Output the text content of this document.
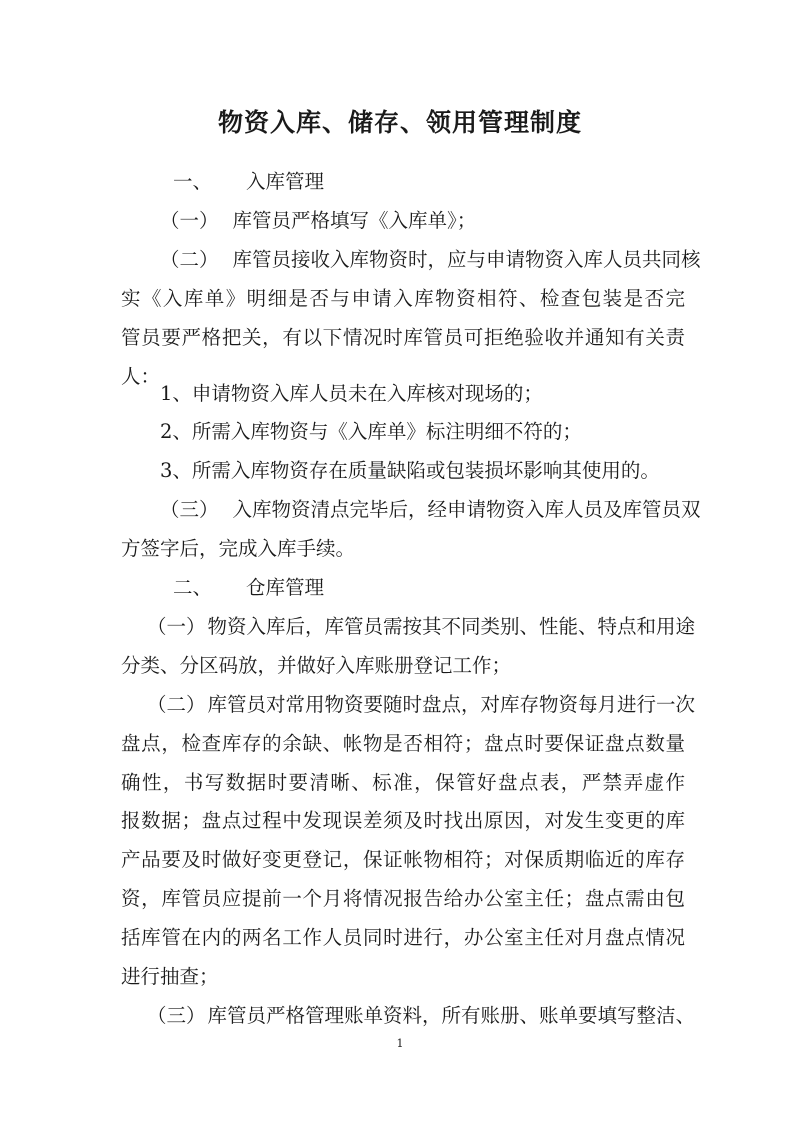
物资入库、储存、领用管理制度

一、 入库管理

（一） 库管员严格填写《入库单》；

（二） 库管员接收入库物资时，应与申请物资入库人员共同核

实《入库单》明细是否与申请入库物资相符、检查包装是否完

管员要严格把关，有以下情况时库管员可拒绝验收并通知有关责

人：

1、申请物资入库人员未在入库核对现场的；

2、所需入库物资与《入库单》标注明细不符的；

3、所需入库物资存在质量缺陷或包装损坏影响其使用的。

（三） 入库物资清点完毕后，经申请物资入库人员及库管员双

方签字后，完成入库手续。

二、 仓库管理

（一） 物资入库后，库管员需按其不同类别、性能、特点和用途

分类、分区码放，并做好入库账册登记工作；

（二） 库管员对常用物资要随时盘点，对库存物资每月进行一次

盘点，检查库存的余缺、帐物是否相符；盘点时要保证盘点数量

确性，书写数据时要清晰、标准，保管好盘点表，严禁弄虚作

报数据；盘点过程中发现误差须及时找出原因，对发生变更的库

产品要及时做好变更登记，保证帐物相符；对保质期临近的库存

资，库管员应提前一个月将情况报告给办公室主任；盘点需由包

括库管在内的两名工作人员同时进行，办公室主任对月盘点情况

进行抽查；

（三） 库管员严格管理账单资料，所有账册、账单要填写整洁、

1
